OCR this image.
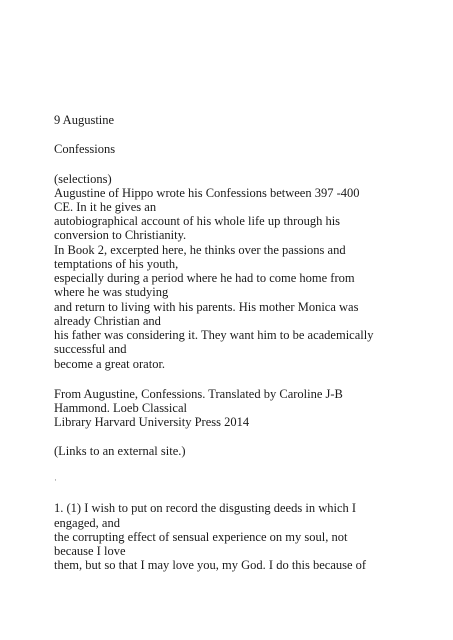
9 Augustine

Confessions

(selections)

Augustine of Hippo wrote his Confessions between 397 -400

CE. In it he gives an

autobiographical account of his whole life up through his

conversion to Christianity.

In Book 2, excerpted here, he thinks over the passions and

temptations of his youth,

especially during a period where he had to come home from

where he was studying

and return to living with his parents. His mother Monica was

already Christian and

his father was considering it. They want him to be academically

successful and

become a great orator.

From Augustine, Confessions. Translated by Caroline J-B

Hammond. Loeb Classical

Library Harvard University Press 2014

(Links to an external site.)

·

1. (1) I wish to put on record the disgusting deeds in which I

engaged, and

the corrupting effect of sensual experience on my soul, not

because I love

them, but so that I may love you, my God. I do this because of
